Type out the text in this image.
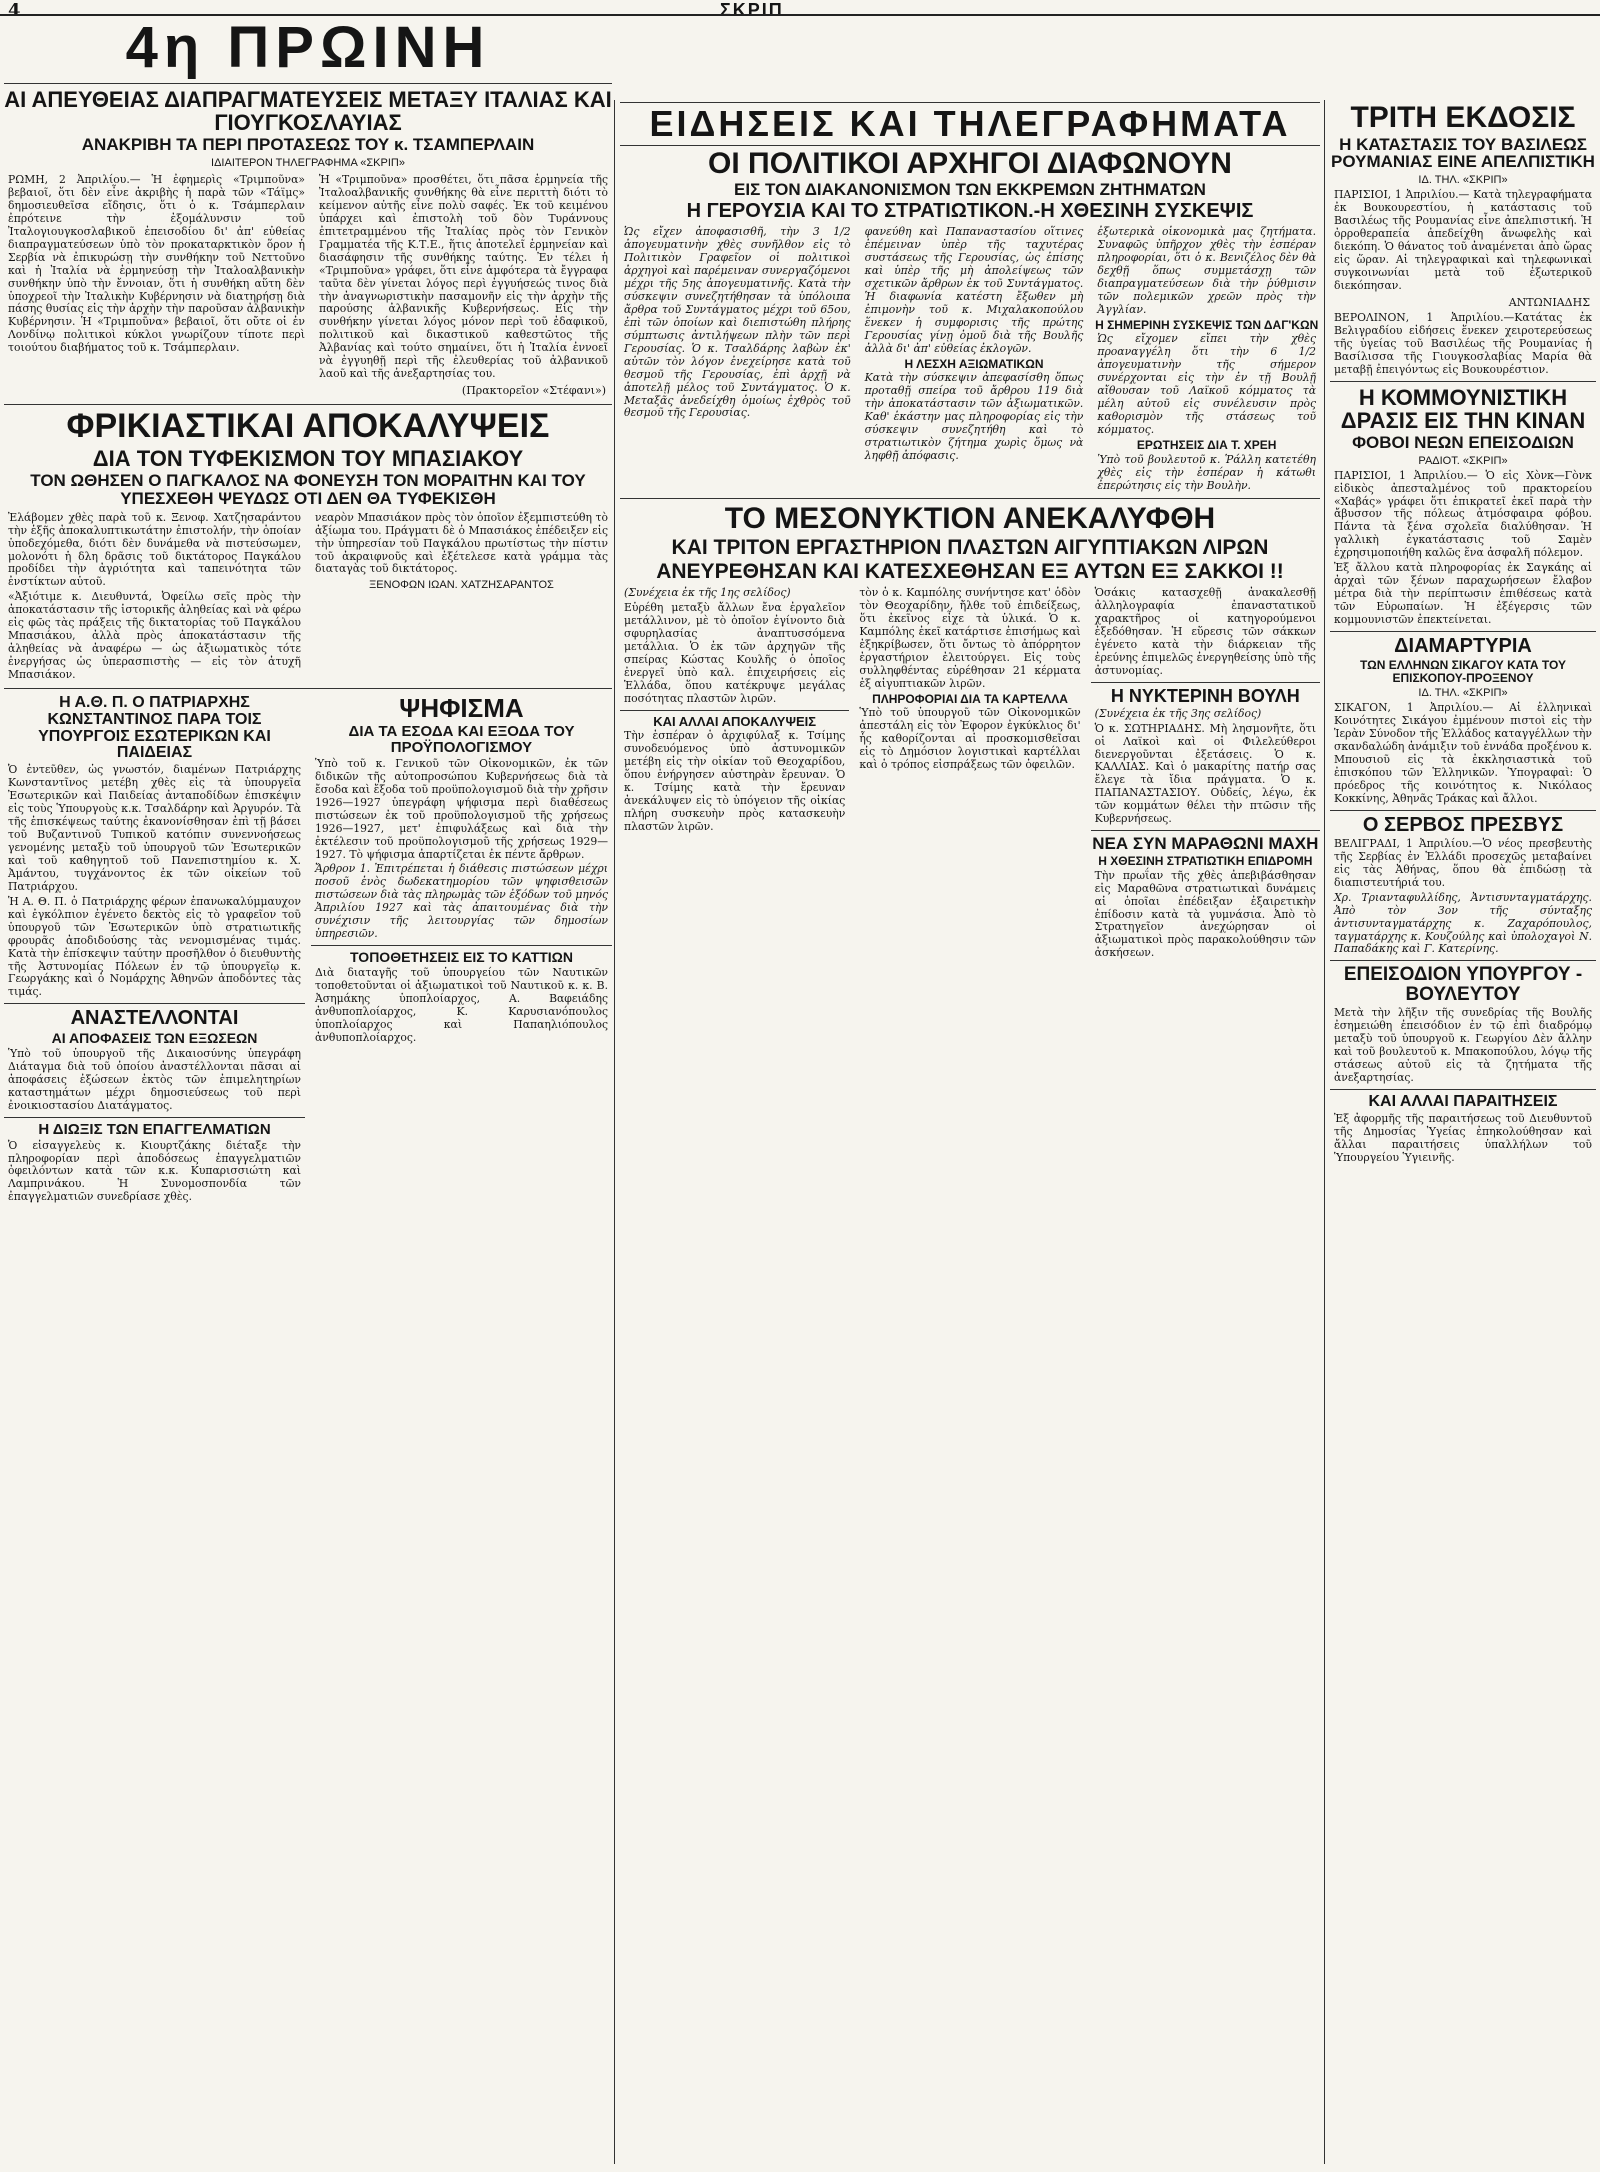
4	ΣΚΡΙΠ
4η ΠΡΩΙΝΗ
ΑΙ ΑΠΕΥΘΕΙΑΣ ΔΙΑΠΡΑΓΜΑΤΕΥΣΕΙΣ ΜΕΤΑΞΥ ΙΤΑΛΙΑΣ ΚΑΙ ΓΙΟΥΓΚΟΣΛΑΥΙΑΣ
ΑΝΑΚΡΙΒΗ ΤΑ ΠΕΡΙ ΠΡΟΤΑΣΕΩΣ ΤΟΥ κ. ΤΣΑΜΠΕΡΛΑΙΝ
ΙΔΙΑΙΤΕΡΟΝ ΤΗΛΕΓΡΑΦΗΜΑ «ΣΚΡΙΠ»
ΡΩΜΗ, 2 Ἀπριλίου.— Ἡ ἐφημερὶς «Τριμποῦνα» βεβαιοῖ, ὅτι δὲν εἶνε ἀκριβὴς ἡ παρὰ τῶν «Τάϊμς» δημοσιευθεῖσα εἴδησις, ὅτι ὁ κ. Τσάμπερλαιν ἐπρότεινε τὴν ἐξομάλυνσιν τοῦ Ἰταλογιουγκοσλαβικοῦ ἐπεισοδίου δι' ἀπ' εὐθείας διαπραγματεύσεων ὑπὸ τὸν προκαταρκτικὸν ὅρον ἡ Σερβία νὰ ἐπικυρώσῃ τὴν συνθήκην τοῦ Νεττοῦνο καὶ ἡ Ἰταλία νὰ ἑρμηνεύσῃ τὴν Ἰταλοαλβανικὴν συνθήκην ὑπὸ τὴν ἔννοιαν, ὅτι ἡ συνθήκη αὕτη δὲν ὑποχρεοῖ τὴν Ἰταλικὴν Κυβέρνησιν νὰ διατηρήσῃ διὰ πάσης θυσίας εἰς τὴν ἀρχὴν τὴν παροῦσαν ἀλβανικὴν Κυβέρνησιν. Ἡ «Τριμποῦνα» βεβαιοῖ, ὅτι οὔτε οἱ ἐν Λονδίνῳ πολιτικοὶ κύκλοι γνωρίζουν τίποτε περὶ τοιούτου διαβήματος τοῦ κ. Τσάμπερλαιν.
Ἡ «Τριμποῦνα» προσθέτει, ὅτι πᾶσα ἑρμηνεία τῆς Ἰταλοαλβανικῆς συνθήκης θὰ εἶνε περιττὴ διότι τὸ κείμενον αὐτῆς εἶνε πολὺ σαφές. Ἐκ τοῦ κειμένου ὑπάρχει καὶ ἐπιστολὴ τοῦ δὸν Τυράννους ἐπιτετραμμένου τῆς Ἰταλίας πρὸς τὸν Γενικὸν Γραμματέα τῆς Κ.Τ.Ε., ἥτις ἀποτελεῖ ἑρμηνείαν καὶ διασάφησιν τῆς συνθήκης ταύτης. Ἐν τέλει ἡ «Τριμποῦνα» γράφει, ὅτι εἶνε ἀμφότερα τὰ ἔγγραφα ταῦτα δὲν γίνεται λόγος περὶ ἐγγυήσεώς τινος διὰ τὴν ἀναγνωριστικὴν πασαμονῆν εἰς τὴν ἀρχὴν τῆς παρούσης ἀλβανικῆς Κυβερνήσεως. Εἰς τὴν συνθήκην γίνεται λόγος μόνον περὶ τοῦ ἐδαφικοῦ, πολιτικοῦ καὶ δικαστικοῦ καθεστῶτος τῆς Ἀλβανίας καὶ τούτο σημαίνει, ὅτι ἡ Ἰταλία ἐννοεῖ νὰ ἐγγυηθῇ περὶ τῆς ἐλευθερίας τοῦ ἀλβανικοῦ λαοῦ καὶ τῆς ἀνεξαρτησίας του.
(Πρακτορεῖον «Στέφανι»)
ΦΡΙΚΙΑΣΤΙΚΑΙ ΑΠΟΚΑΛΥΨΕΙΣ
ΔΙΑ ΤΟΝ ΤΥΦΕΚΙΣΜΟΝ ΤΟΥ ΜΠΑΣΙΑΚΟΥ
ΤΟΝ ΩΘΗΣΕΝ Ο ΠΑΓΚΑΛΟΣ ΝΑ ΦΟΝΕΥΣΗ ΤΟΝ ΜΟΡΑΙΤΗΝ ΚΑΙ ΤΟΥ ΥΠΕΣΧΕΘΗ ΨΕΥΔΩΣ ΟΤΙ ΔΕΝ ΘΑ ΤΥΦΕΚΙΣΘΗ
Ἐλάβομεν χθὲς παρὰ τοῦ κ. Ξενοφ. Χατζησαράντου τὴν ἑξῆς ἀποκαλυπτικωτάτην ἐπιστολήν, τὴν ὁποίαν ὑποδεχόμεθα, διότι δὲν δυνάμεθα νὰ πιστεύσωμεν, μολονότι ἡ δλη δρᾶσις τοῦ δικτάτορος Παγκάλου προδίδει τὴν ἀγριότητα καὶ ταπεινότητα τῶν ἐνστίκτων αὐτοῦ.
«Ἀξιότιμε κ. Διευθυντά, Ὀφείλω σεῖς πρὸς τὴν ἀποκατάστασιν τῆς ἱστορικῆς ἀληθείας καὶ νὰ φέρω εἰς φῶς τὰς πράξεις τῆς δικτατορίας τοῦ Παγκάλου Μπασιάκου, ἀλλὰ πρὸς ἀποκατάστασιν τῆς ἀληθείας νὰ ἀναφέρω — ὡς ἀξιωματικὸς τότε ἐνεργήσας ὡς ὑπερασπιστὴς — εἰς τὸν ἀτυχῆ Μπασιάκον.
νεαρὸν Μπασιάκον πρὸς τὸν ὁποῖον ἐξεμπιστεύθη τὸ ἀξίωμα του. Πράγματι δὲ ὁ Μπασιάκος ἐπέδειξεν εἰς τὴν ὑπηρεσίαν τοῦ Παγκάλου πρωτίστως τὴν πίστιν τοῦ ἀκραιφνοῦς καὶ ἐξέτελεσε κατὰ γράμμα τὰς διαταγὰς τοῦ δικτάτορος.
ΞΕΝΟΦΩΝ ΙΩΑΝ. ΧΑΤΖΗΣΑΡΑΝΤΟΣ
Η Α.Θ. Π. Ο ΠΑΤΡΙΑΡΧΗΣ ΚΩΝΣΤΑΝΤΙΝΟΣ ΠΑΡΑ ΤΟΙΣ ΥΠΟΥΡΓΟΙΣ ΕΣΩΤΕΡΙΚΩΝ ΚΑΙ ΠΑΙΔΕΙΑΣ
Ὁ ἐντεῦθεν, ὡς γνωστόν, διαμένων Πατριάρχης Κωνσταντῖνος μετέβη χθὲς εἰς τὰ ὑπουργεῖα Ἐσωτερικῶν καὶ Παιδείας ἀνταποδίδων ἐπισκέψιν εἰς τοὺς Ὑπουργοὺς κ.κ. Τσαλδάρην καὶ Ἀργυρόν. Τὰ τῆς ἐπισκέψεως ταύτης ἐκανονίσθησαν ἐπὶ τῇ βάσει τοῦ Βυζαντινοῦ Τυπικοῦ κατόπιν συνεννοήσεως γενομένης μεταξὺ τοῦ ὑπουργοῦ τῶν Ἐσωτερικῶν καὶ τοῦ καθηγητοῦ τοῦ Πανεπιστημίου κ. Χ. Ἀμάντου, τυγχάνοντος ἐκ τῶν οἰκείων τοῦ Πατριάρχου.
Ἡ Α. Θ. Π. ὁ Πατριάρχης φέρων ἐπανωκαλύμμαυχον καὶ ἐγκόλπιον ἐγένετο δεκτὸς εἰς τὸ γραφεῖον τοῦ ὑπουργοῦ τῶν Ἐσωτερικῶν ὑπὸ στρατιωτικῆς φρουρᾶς ἀποδιδούσης τὰς νενομισμένας τιμάς. Κατὰ τὴν ἐπίσκεψιν ταύτην προσῆλθον ὁ διευθυντὴς τῆς Ἀστυνομίας Πόλεων ἐν τῷ ὑπουργεῖῳ κ. Γεωργάκης καὶ ὁ Νομάρχης Ἀθηνῶν ἀποδόντες τὰς τιμάς.
ΑΝΑΣΤΕΛΛΟΝΤΑΙ
ΑΙ ΑΠΟΦΑΣΕΙΣ ΤΩΝ ΕΞΩΣΕΩΝ
Ὑπὸ τοῦ ὑπουργοῦ τῆς Δικαιοσύνης ὑπεγράφη Διάταγμα διὰ τοῦ ὁποίου ἀναστέλλονται πᾶσαι αἱ ἀποφάσεις ἐξώσεων ἐκτὸς τῶν ἐπιμελητηρίων καταστημάτων μέχρι δημοσιεύσεως τοῦ περὶ ἐνοικιοστασίου Διατάγματος.
Η ΔΙΩΞΙΣ ΤΩΝ ΕΠΑΓΓΕΛΜΑΤΙΩΝ
Ὁ εἰσαγγελεὺς κ. Κιουρτζάκης διέταξε τὴν πληροφορίαν περὶ ἀποδόσεως ἐπαγγελματιῶν ὀφειλόντων κατὰ τῶν κ.κ. Κυπαρισσιώτη καὶ Λαμπρινάκου. Ἡ Συνομοσπονδία τῶν ἐπαγγελματιῶν συνεδρίασε χθὲς.
ΨΗΦΙΣΜΑ
ΔΙΑ ΤΑ ΕΣΟΔΑ ΚΑΙ ΕΞΟΔΑ ΤΟΥ ΠΡΟΫΠΟΛΟΓΙΣΜΟΥ
Ὑπὸ τοῦ κ. Γενικοῦ τῶν Οἰκονομικῶν, ἐκ τῶν διδικῶν τῆς αὐτοπροσώπου Κυβερνήσεως διὰ τὰ ἔσοδα καὶ ἔξοδα τοῦ προϋπολογισμοῦ διὰ τὴν χρῆσιν 1926—1927 ὑπεγράφη ψήφισμα περὶ διαθέσεως πιστώσεων ἐκ τοῦ προϋπολογισμοῦ τῆς χρήσεως 1926—1927, μετ' ἐπιφυλάξεως καὶ διὰ τὴν ἐκτέλεσιν τοῦ προϋπολογισμοῦ τῆς χρήσεως 1929—1927. Τὸ ψήφισμα ἀπαρτίζεται ἐκ πέντε ἄρθρων.
Ἄρθρον 1. Ἐπιτρέπεται ἡ διάθεσις πιστώσεων μέχρι ποσοῦ ἑνὸς δωδεκατημορίου τῶν ψηφισθεισῶν πιστώσεων διὰ τὰς πληρωμὰς τῶν ἐξόδων τοῦ μηνός Ἀπριλίου 1927 καὶ τὰς ἀπαιτουμένας διὰ τὴν συνέχισιν τῆς λειτουργίας τῶν δημοσίων ὑπηρεσιῶν.
ΤΟΠΟΘΕΤΗΣΕΙΣ ΕΙΣ ΤΟ ΚΑΤΤΙΩΝ
Διὰ διαταγῆς τοῦ ὑπουργείου τῶν Ναυτικῶν τοποθετοῦνται οἱ ἀξιωματικοὶ τοῦ Ναυτικοῦ κ. κ. Β. Ἀσημάκης ὑποπλοίαρχος, Α. Βαφειάδης ἀνθυποπλοίαρχος, Κ. Καρυσιανόπουλος ὑποπλοίαρχος καὶ Παπαηλιόπουλος ἀνθυποπλοίαρχος.
ΕΙΔΗΣΕΙΣ ΚΑΙ ΤΗΛΕΓΡΑΦΗΜΑΤΑ
ΟΙ ΠΟΛΙΤΙΚΟΙ ΑΡΧΗΓΟΙ ΔΙΑΦΩΝΟΥΝ
ΕΙΣ ΤΟΝ ΔΙΑΚΑΝΟΝΙΣΜΟΝ ΤΩΝ ΕΚΚΡΕΜΩΝ ΖΗΤΗΜΑΤΩΝ
Η ΓΕΡΟΥΣΙΑ ΚΑΙ ΤΟ ΣΤΡΑΤΙΩΤΙΚΟΝ.-Η ΧΘΕΣΙΝΗ ΣΥΣΚΕΨΙΣ
Ὡς εἴχεν ἀποφασισθῆ, τὴν 3 1/2 ἀπογευματινὴν χθὲς συνῆλθον εἰς τὸ Πολιτικὸν Γραφεῖον οἱ πολιτικοὶ ἀρχηγοὶ καὶ παρέμειναν συνεργαζόμενοι μέχρι τῆς 5ης ἀπογευματινῆς. Κατὰ τὴν σύσκεψιν συνεζητήθησαν τὰ ὑπόλοιπα ἄρθρα τοῦ Συντάγματος μέχρι τοῦ 65ου, ἐπὶ τῶν ὁποίων καὶ διεπιστώθη πλήρης σύμπτωσις ἀντιλήψεων πλὴν τῶν περὶ Γερουσίας. Ὁ κ. Τσαλδάρης λαβὼν ἐκ' αὐτῶν τὸν λόγον ἐνεχείρησε κατὰ τοῦ θεσμοῦ τῆς Γερουσίας, ἐπὶ ἀρχῇ νὰ ἀποτελῇ μέλος τοῦ Συντάγματος. Ὁ κ. Μεταξᾶς ἀνεδείχθη ὁμοίως ἐχθρὸς τοῦ θεσμοῦ τῆς Γερουσίας.
φανεύθη καὶ Παπαναστασίου οἵτινες ἐπέμειναν ὑπὲρ τῆς ταχυτέρας συστάσεως τῆς Γερουσίας, ὡς ἐπίσης καὶ ὑπὲρ τῆς μὴ ἀπολείψεως τῶν σχετικῶν ἄρθρων ἐκ τοῦ Συντάγματος. Ἡ διαφωνία κατέστη ἔξωθεν μὴ ἐπιμονὴν τοῦ κ. Μιχαλακοπούλου ἕνεκεν ἡ συμφορισις τῆς πρώτης Γερουσίας γίνῃ ὁμοῦ διὰ τῆς Βουλῆς ἀλλὰ δι' ἀπ' εὐθείας ἐκλογῶν.
Η ΛΕΣΧΗ ΑΞΙΩΜΑΤΙΚΩΝ
Κατὰ τὴν σύσκεψιν ἀπεφασίσθη ὅπως προταθῇ σπείρα τοῦ ἄρθρου 119 διὰ τὴν ἀποκατάστασιν τῶν ἀξιωματικῶν. Καθ' ἑκάστην μας πληροφορίας εἰς τὴν σύσκεψιν συνεζητήθη καὶ τὸ στρατιωτικὸν ζήτημα χωρὶς ὅμως νὰ ληφθῇ ἀπόφασις.
ἐξωτερικὰ οἰκονομικὰ μας ζητήματα. Συναφῶς ὑπῆρχον χθὲς τὴν ἑσπέραν πληροφορίαι, ὅτι ὁ κ. Βενιζέλος δὲν θὰ δεχθῇ ὅπως συμμετάσχῃ τῶν διαπραγματεύσεων διὰ τὴν ῥύθμισιν τῶν πολεμικῶν χρεῶν πρὸς τὴν Ἀγγλίαν.
Η ΣΗΜΕΡΙΝΗ ΣΥΣΚΕΨΙΣ ΤΩΝ ΔΑΓ'ΚΩΝ
Ὡς εἴχομεν εἴπει τὴν χθὲς προαναγγέλη ὅτι τὴν 6 1/2 ἀπογευματινὴν τῆς σήμερον συνέρχονται εἰς τὴν ἐν τῇ Βουλῇ αἴθουσαν τοῦ Λαϊκοῦ κόμματος τὰ μέλη αὐτοῦ εἰς συνέλευσιν πρὸς καθορισμὸν τῆς στάσεως τοῦ κόμματος.
ΕΡΩΤΗΣΕΙΣ ΔΙΑ Τ. ΧΡΕΗ
Ὑπὸ τοῦ βουλευτοῦ κ. Ῥάλλη κατετέθη χθὲς εἰς τὴν ἑσπέραν ἡ κάτωθι ἐπερώτησις εἰς τὴν Βουλὴν.
ΤΟ ΜΕΣΟΝΥΚΤΙΟΝ ΑΝΕΚΑΛΥΦΘΗ
ΚΑΙ ΤΡΙΤΟΝ ΕΡΓΑΣΤΗΡΙΟΝ ΠΛΑΣΤΩΝ ΑΙΓΥΠΤΙΑΚΩΝ ΛΙΡΩΝ
ΑΝΕΥΡΕΘΗΣΑΝ ΚΑΙ ΚΑΤΕΣΧΕΘΗΣΑΝ ΕΞ ΑΥΤΩΝ ΕΞ ΣΑΚΚΟΙ !!
(Συνέχεια ἐκ τῆς 1ης σελίδος)
Εὑρέθη μεταξὺ ἄλλων ἔνα ἐργαλεῖον μετάλλινον, μὲ τὸ ὁποῖον ἐγίνοντο διὰ σφυρηλασίας ἀναπτυσσόμενα μετάλλια. Ὁ ἐκ τῶν ἀρχηγῶν τῆς σπείρας Κώστας Κουλῆς ὁ ὁποῖος ἐνεργεῖ ὑπὸ καλ. ἐπιχειρήσεις εἰς Ἑλλάδα, ὅπου κατέκρυψε μεγάλας ποσότητας πλαστῶν λιρῶν.
ΚΑΙ ΑΛΛΑΙ ΑΠΟΚΑΛΥΨΕΙΣ
Τὴν ἑσπέραν ὁ ἀρχιφύλαξ κ. Τσίμης συνοδευόμενος ὑπὸ ἀστυνομικῶν μετέβη εἰς τὴν οἰκίαν τοῦ Θεοχαρίδου, ὅπου ἐνήργησεν αὐστηρὰν ἔρευναν. Ὁ κ. Τσίμης κατὰ τὴν ἔρευναν ἀνεκάλυψεν εἰς τὸ ὑπόγειον τῆς οἰκίας πλήρη συσκευὴν πρὸς κατασκευὴν πλαστῶν λιρῶν.
τὸν ὁ κ. Καμπόλης συνήντησε κατ' ὁδὸν τὸν Θεοχαρίδην, ἤλθε τοῦ ἐπιδείξεως, ὅτι ἐκεῖνος εἶχε τὰ ὑλικά. Ὁ κ. Καμπόλης ἐκεῖ κατάρτισε ἐπισήμως καὶ ἐξηκρίβωσεν, ὅτι ὄντως τὸ ἀπόρρητον ἐργαστήριον ἐλειτούργει. Εἰς τοὺς συλληφθέντας εὑρέθησαν 21 κέρματα ἐξ αἰγυπτιακῶν λιρῶν.
ΠΛΗΡΟΦΟΡΙΑΙ ΔΙΑ ΤΑ ΚΑΡΤΕΛΛΑ
Ὑπὸ τοῦ ὑπουργοῦ τῶν Οἰκονομικῶν ἀπεστάλη εἰς τὸν Ἐφορον ἐγκύκλιος δι' ἧς καθορίζονται αἱ προσκομισθεῖσαι εἰς τὸ Δημόσιον λογιστικαὶ καρτέλλαι καὶ ὁ τρόπος εἰσπράξεως τῶν ὀφειλῶν.
Ὁσάκις κατασχεθῇ ἀνακαλεσθῇ ἀλληλογραφία ἐπαναστατικοῦ χαρακτῆρος οἱ κατηγορούμενοι ἐξεδόθησαν. Ἡ εὕρεσις τῶν σάκκων ἐγένετο κατὰ τὴν διάρκειαν τῆς ἐρεύνης ἐπιμελῶς ἐνεργηθείσης ὑπὸ τῆς ἀστυνομίας.
Η ΝΥΚΤΕΡΙΝΗ ΒΟΥΛΗ
(Συνέχεια ἐκ τῆς 3ης σελίδος)
Ὁ κ. ΣΩΤΗΡΙΑΔΗΣ. Μὴ λησμονῆτε, ὅτι οἱ Λαϊκοὶ καὶ οἱ Φιλελεύθεροι διενεργοῦνται ἐξετάσεις. Ὁ κ. ΚΑΛΛΙΑΣ. Καὶ ὁ μακαρίτης πατήρ σας ἔλεγε τὰ ἴδια πράγματα. Ὁ κ. ΠΑΠΑΝΑΣΤΑΣΙΟΥ. Οὐδείς, λέγω, ἐκ τῶν κομμάτων θέλει τὴν πτῶσιν τῆς Κυβερνήσεως.
ΝΕΑ ΣΥΝ ΜΑΡΑΘΩΝΙ ΜΑΧΗ
Η ΧΘΕΣΙΝΗ ΣΤΡΑΤΙΩΤΙΚΗ ΕΠΙΔΡΟΜΗ
Τὴν πρωΐαν τῆς χθὲς ἀπεβιβάσθησαν εἰς Μαραθῶνα στρατιωτικαὶ δυνάμεις αἱ ὁποῖαι ἐπέδειξαν ἐξαιρετικὴν ἐπίδοσιν κατὰ τὰ γυμνάσια. Ἀπὸ τὸ Στρατηγεῖον ἀνεχώρησαν οἱ ἀξιωματικοὶ πρὸς παρακολούθησιν τῶν ἀσκήσεων.
ΤΡΙΤΗ ΕΚΔΟΣΙΣ
Η ΚΑΤΑΣΤΑΣΙΣ ΤΟΥ ΒΑΣΙΛΕΩΣ ΡΟΥΜΑΝΙΑΣ ΕΙΝΕ ΑΠΕΛΠΙΣΤΙΚΗ
ΙΔ. ΤΗΛ. «ΣΚΡΙΠ»
ΠΑΡΙΣΙΟΙ, 1 Ἀπριλίου.— Κατὰ τηλεγραφήματα ἐκ Βουκουρεστίου, ἡ κατάστασις τοῦ Βασιλέως τῆς Ρουμανίας εἶνε ἀπελπιστική. Ἡ ὀρροθεραπεία ἀπεδείχθη ἄνωφελὴς καὶ διεκόπη. Ὁ θάνατος τοῦ ἀναμένεται ἀπὸ ὥρας εἰς ὥραν. Αἱ τηλεγραφικαὶ καὶ τηλεφωνικαὶ συγκοινωνίαι μετὰ τοῦ ἐξωτερικοῦ διεκόπησαν.
ΑΝΤΩΝΙΑΔΗΣ
ΒΕΡΟΛΙΝΟΝ, 1 Ἀπριλίου.—Κατάτας ἐκ Βελιγραδίου εἰδήσεις ἕνεκεν χειροτερεύσεως τῆς ὑγείας τοῦ Βασιλέως τῆς Ρουμανίας ἡ Βασίλισσα τῆς Γιουγκοσλαβίας Μαρία θὰ μεταβῇ ἐπειγόντως εἰς Βουκουρέστιον.
Η ΚΟΜΜΟΥΝΙΣΤΙΚΗ ΔΡΑΣΙΣ ΕΙΣ ΤΗΝ ΚΙΝΑΝ
ΦΟΒΟΙ ΝΕΩΝ ΕΠΕΙΣΟΔΙΩΝ
ΡΑΔΙΟΤ. «ΣΚΡΙΠ»
ΠΑΡΙΣΙΟΙ, 1 Ἀπριλίου.— Ὁ εἰς Χὸνκ—Γὸνκ εἰδικὸς ἀπεσταλμένος τοῦ πρακτορείου «Χαβάς» γράφει ὅτι ἐπικρατεῖ ἐκεῖ παρὰ τὴν ἄβυσσον τῆς πόλεως ἀτμόσφαιρα φόβου. Πάντα τὰ ξένα σχολεῖα διαλύθησαν. Ἡ γαλλικὴ ἐγκατάστασις τοῦ Σαμὲν ἐχρησιμοποιήθη καλῶς ἕνα ἀσφαλῆ πόλεμον.
Ἐξ ἄλλου κατὰ πληροφορίας ἐκ Σαγκάης αἱ ἀρχαὶ τῶν ξένων παραχωρήσεων ἔλαβον μέτρα διὰ τὴν περίπτωσιν ἐπιθέσεως κατὰ τῶν Εὐρωπαίων. Ἡ ἐξέγερσις τῶν κομμουνιστῶν ἐπεκτείνεται.
ΔΙΑΜΑΡΤΥΡΙΑ
ΤΩΝ ΕΛΛΗΝΩΝ ΣΙΚΑΓΟΥ ΚΑΤΑ ΤΟΥ ΕΠΙΣΚΟΠΟΥ-ΠΡΟΞΕΝΟΥ
ΙΔ. ΤΗΛ. «ΣΚΡΙΠ»
ΣΙΚΑΓΟΝ, 1 Ἀπριλίου.— Αἱ ἑλληνικαὶ Κοινότητες Σικάγου ἐμμένουν πιστοὶ εἰς τὴν Ἱερὰν Σύνοδον τῆς Ἑλλάδος καταγγέλλων τὴν σκανδαλώδη ἀνάμιξιν τοῦ ἐννάδα προξένου κ. Μπουσιοῦ εἰς τὰ ἐκκλησιαστικὰ τοῦ ἐπισκόπου τῶν Ἑλληνικῶν. Ὑπογραφαὶ: Ὁ πρόεδρος τῆς κοινότητος κ. Νικόλαος Κοκκίνης, Ἀθηνᾶς Τράκας καὶ ἄλλοι.
Ο ΣΕΡΒΟΣ ΠΡΕΣΒΥΣ
ΒΕΛΙΓΡΑΔΙ, 1 Ἀπριλίου.—Ὁ νέος πρεσβευτὴς τῆς Σερβίας ἐν Ἑλλάδι προσεχῶς μεταβαίνει εἰς τὰς Ἀθήνας, ὅπου θὰ ἐπιδώσῃ τὰ διαπιστευτήριά του.
Χρ. Τριανταφυλλίδης, Ἀντισυνταγματάρχης. Ἀπὸ τὸν 3ον τῆς σύνταξης ἀντισυνταγματάρχης κ. Ζαχαρόπουλος, ταγματάρχης κ. Κουζούλης καὶ ὑπολοχαγοὶ Ν. Παπαδάκης καὶ Γ. Κατερίνης.
ΕΠΕΙΣΟΔΙΟΝ ΥΠΟΥΡΓΟΥ - ΒΟΥΛΕΥΤΟΥ
Μετὰ τὴν λῆξιν τῆς συνεδρίας τῆς Βουλῆς ἐσημειώθη ἐπεισόδιον ἐν τῷ ἐπὶ διαδρόμῳ μεταξὺ τοῦ ὑπουργοῦ κ. Γεωργίου Δὲν ἄλλην καὶ τοῦ βουλευτοῦ κ. Μπακοπούλου, λόγῳ τῆς στάσεως αὐτοῦ εἰς τὰ ζητήματα τῆς ἀνεξαρτησίας.
ΚΑΙ ΑΛΛΑΙ ΠΑΡΑΙΤΗΣΕΙΣ
Ἐξ ἀφορμῆς τῆς παραιτήσεως τοῦ Διευθυντοῦ τῆς Δημοσίας Ὑγείας ἐπηκολούθησαν καὶ ἄλλαι παραιτήσεις ὑπαλλήλων τοῦ Ὑπουργείου Ὑγιεινῆς.
